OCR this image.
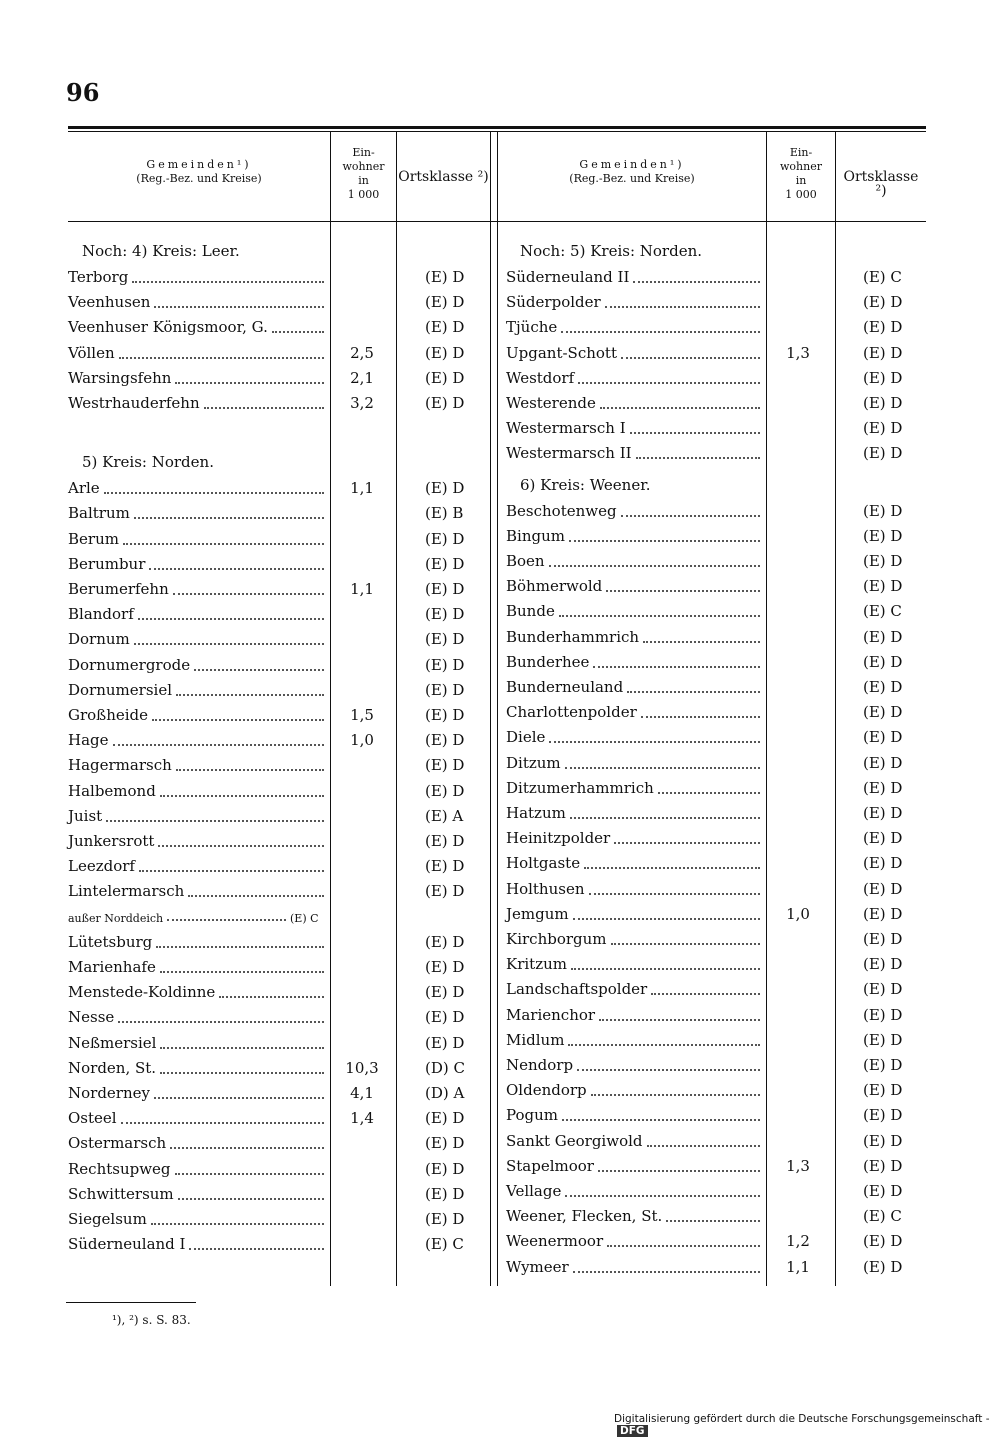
96
Gemeinden¹)
(Reg.-Bez. und Kreise)
Ein-
wohner
in
1 000
Ortsklasse ²)
Gemeinden¹)
(Reg.-Bez. und Kreise)
Ein-
wohner
in
1 000
Ortsklasse ²)
Noch: 4) Kreis: Leer.
Terborg	(E) D
Veenhusen	(E) D
Veenhuser Königsmoor, G.	(E) D
Völlen	2,5	(E) D
Warsingsfehn	2,1	(E) D
Westrhauderfehn	3,2	(E) D
5) Kreis: Norden.
Arle	1,1	(E) D
Baltrum	(E) B
Berum	(E) D
Berumbur	(E) D
Berumerfehn	1,1	(E) D
Blandorf	(E) D
Dornum	(E) D
Dornumergrode	(E) D
Dornumersiel	(E) D
Großheide	1,5	(E) D
Hage	1,0	(E) D
Hagermarsch	(E) D
Halbemond	(E) D
Juist	(E) A
Junkersrott	(E) D
Leezdorf	(E) D
Lintelermarsch	(E) D
außer Norddeich	(E) C
Lütetsburg	(E) D
Marienhafe	(E) D
Menstede-Koldinne	(E) D
Nesse	(E) D
Neßmersiel	(E) D
Norden, St.	10,3	(D) C
Norderney	4,1	(D) A
Osteel	1,4	(E) D
Ostermarsch	(E) D
Rechtsupweg	(E) D
Schwittersum	(E) D
Siegelsum	(E) D
Süderneuland I	(E) C
Noch: 5) Kreis: Norden.
Süderneuland II	(E) C
Süderpolder	(E) D
Tjüche	(E) D
Upgant-Schott	1,3	(E) D
Westdorf	(E) D
Westerende	(E) D
Westermarsch I	(E) D
Westermarsch II	(E) D
6) Kreis: Weener.
Beschotenweg	(E) D
Bingum	(E) D
Boen	(E) D
Böhmerwold	(E) D
Bunde	(E) C
Bunderhammrich	(E) D
Bunderhee	(E) D
Bunderneuland	(E) D
Charlottenpolder	(E) D
Diele	(E) D
Ditzum	(E) D
Ditzumerhammrich	(E) D
Hatzum	(E) D
Heinitzpolder	(E) D
Holtgaste	(E) D
Holthusen	(E) D
Jemgum	1,0	(E) D
Kirchborgum	(E) D
Kritzum	(E) D
Landschaftspolder	(E) D
Marienchor	(E) D
Midlum	(E) D
Nendorp	(E) D
Oldendorp	(E) D
Pogum	(E) D
Sankt Georgiwold	(E) D
Stapelmoor	1,3	(E) D
Vellage	(E) D
Weener, Flecken, St.	(E) C
Weenermoor	1,2	(E) D
Wymeer	1,1	(E) D
¹), ²) s. S. 83.
Digitalisierung gefördert durch die Deutsche Forschungsgemeinschaft -DFG
